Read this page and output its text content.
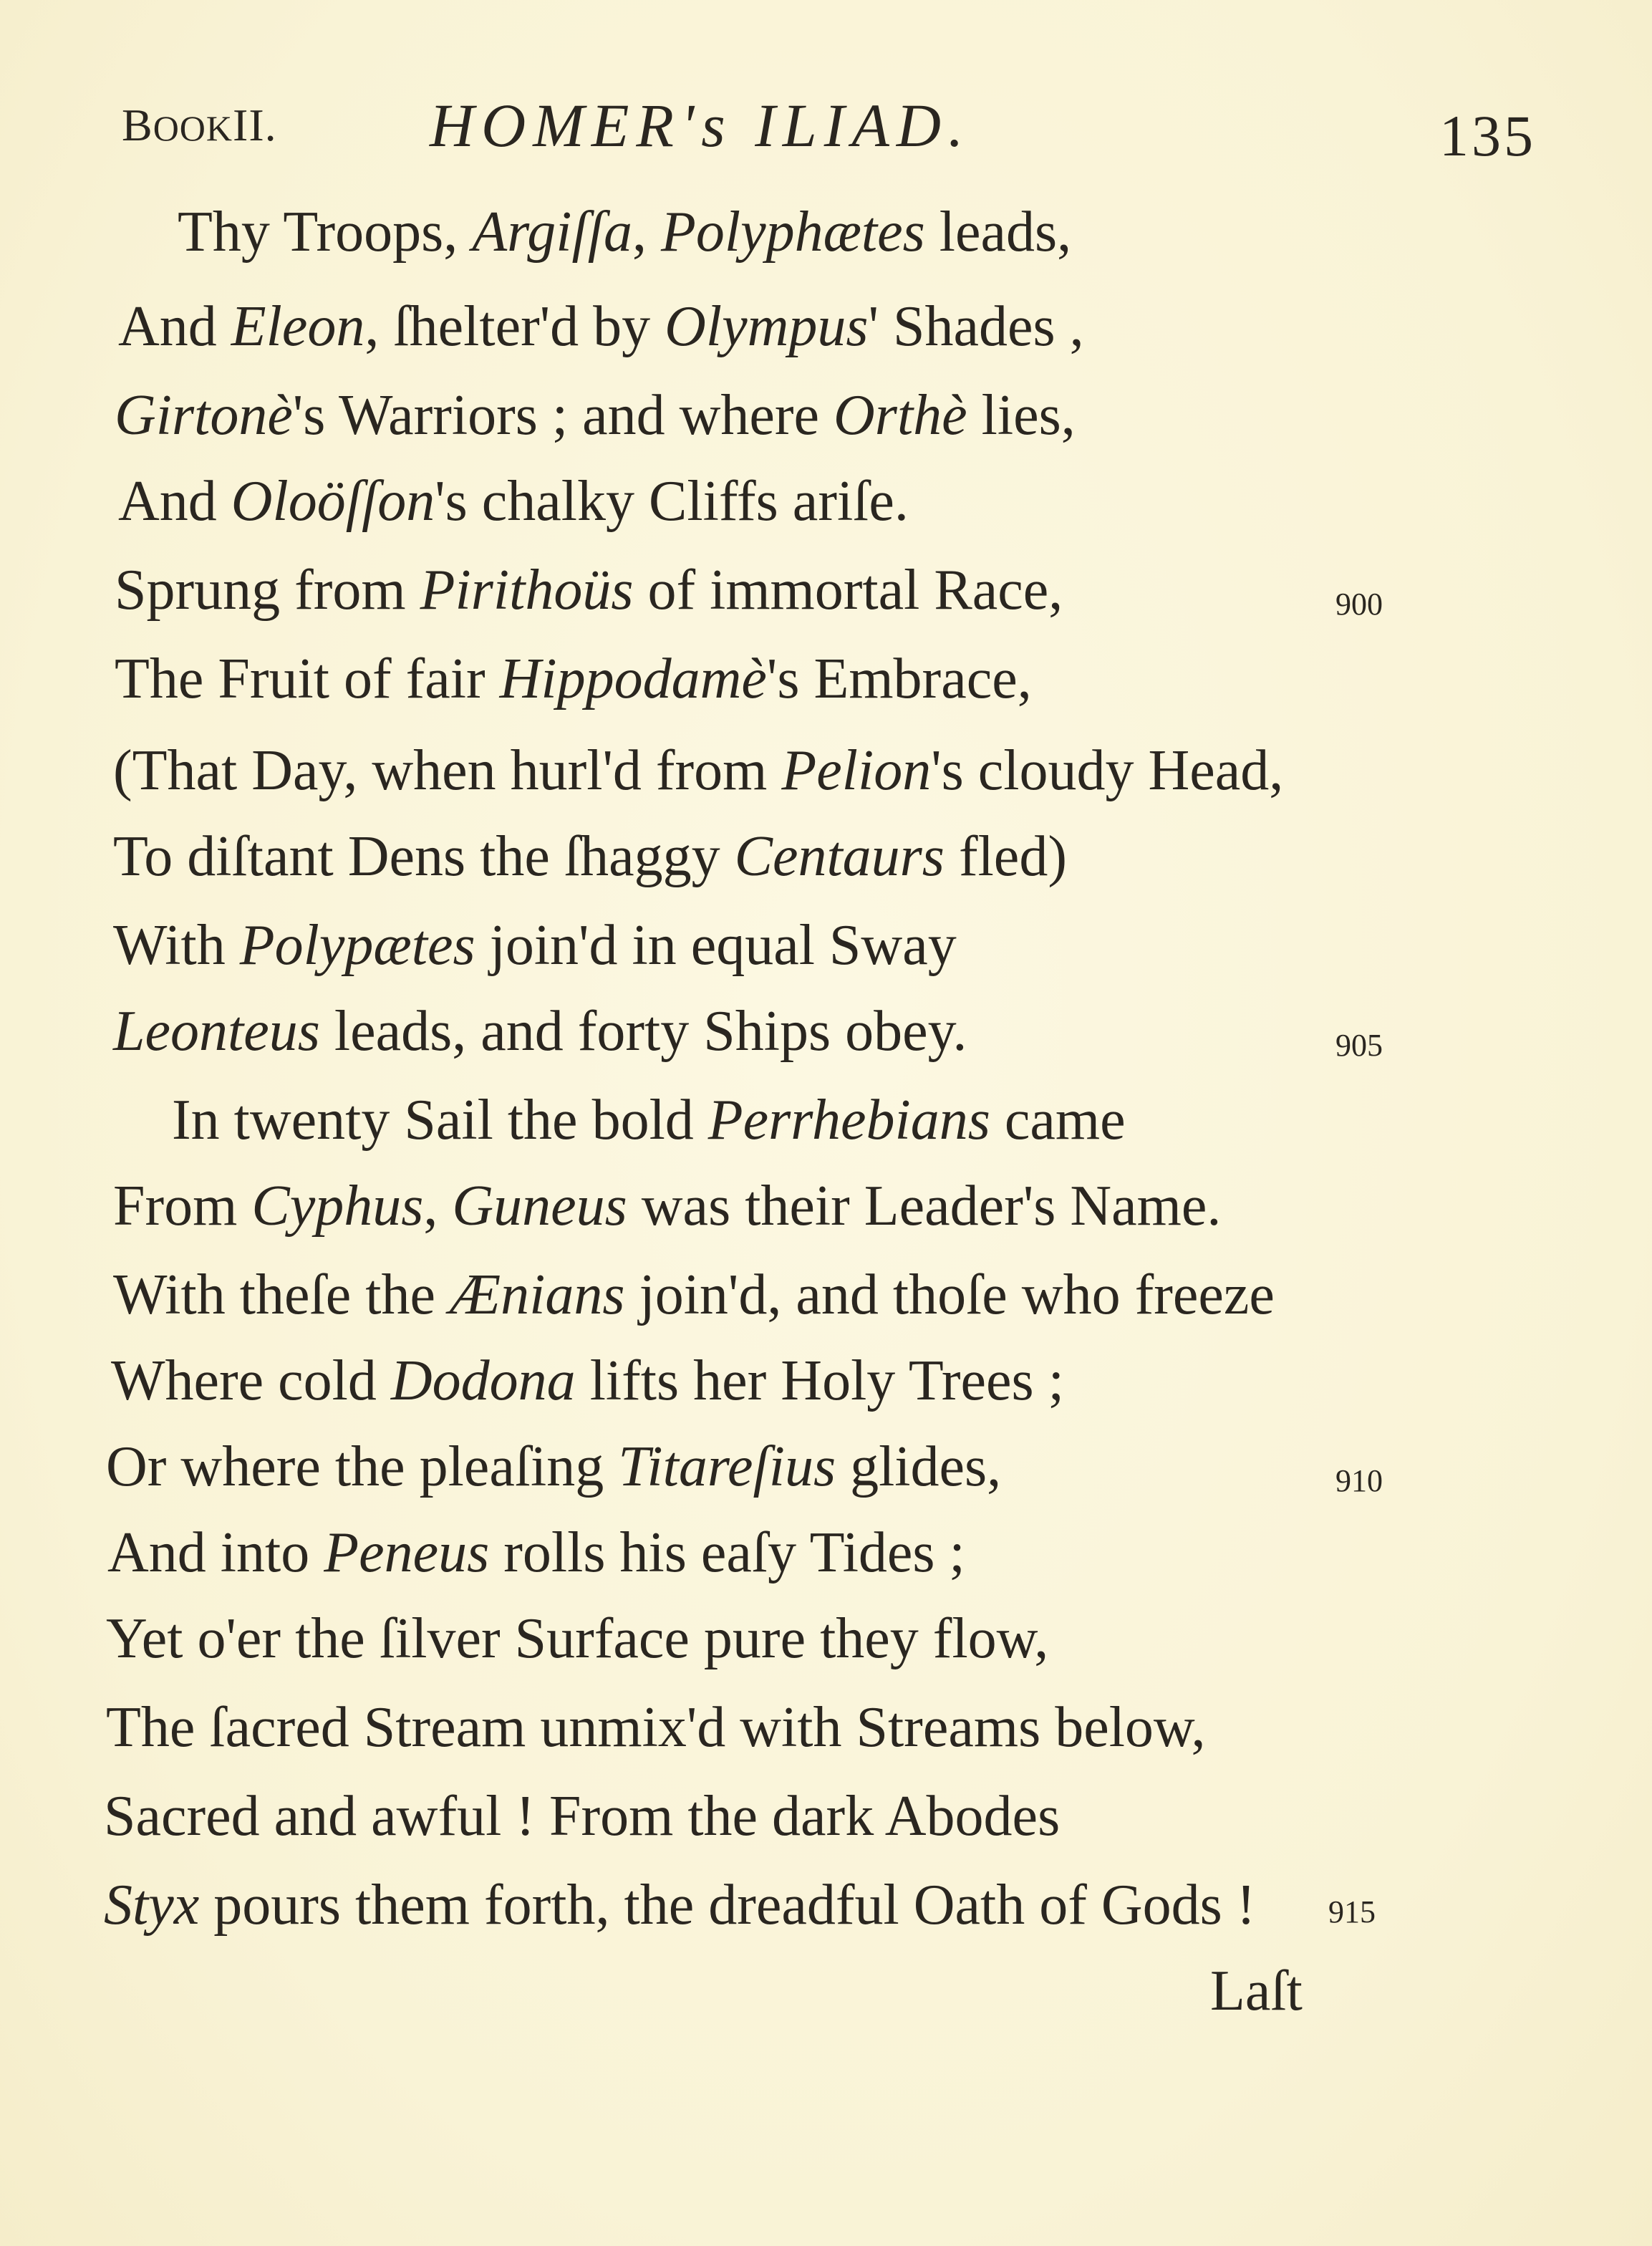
BOOKII. HOMER's ILIAD.	135
Thy Troops, Argiſſa, Polyphætes leads,
And Eleon, ſhelter'd by Olympus' Shades ,
Girtonè's Warriors ; and where Orthè lies,
And Oloöſſon's chalky Cliffs ariſe.
Sprung from Pirithoüs of immortal Race,
The Fruit of fair Hippodamè's Embrace,
(That Day, when hurl'd from Pelion's cloudy Head,
To diſtant Dens the ſhaggy Centaurs fled)
With Polypætes join'd in equal Sway
Leonteus leads, and forty Ships obey.
In twenty Sail the bold Perrhebians came
From Cyphus, Guneus was their Leader's Name.
With theſe the Ænians join'd, and thoſe who freeze
Where cold Dodona lifts her Holy Trees ;
Or where the pleaſing Titareſius glides,
And into Peneus rolls his eaſy Tides ;
Yet o'er the ſilver Surface pure they flow,
The ſacred Stream unmix'd with Streams below,
Sacred and awful ! From the dark Abodes
Styx pours them forth, the dreadful Oath of Gods !
900
905
910
915
Laſt
